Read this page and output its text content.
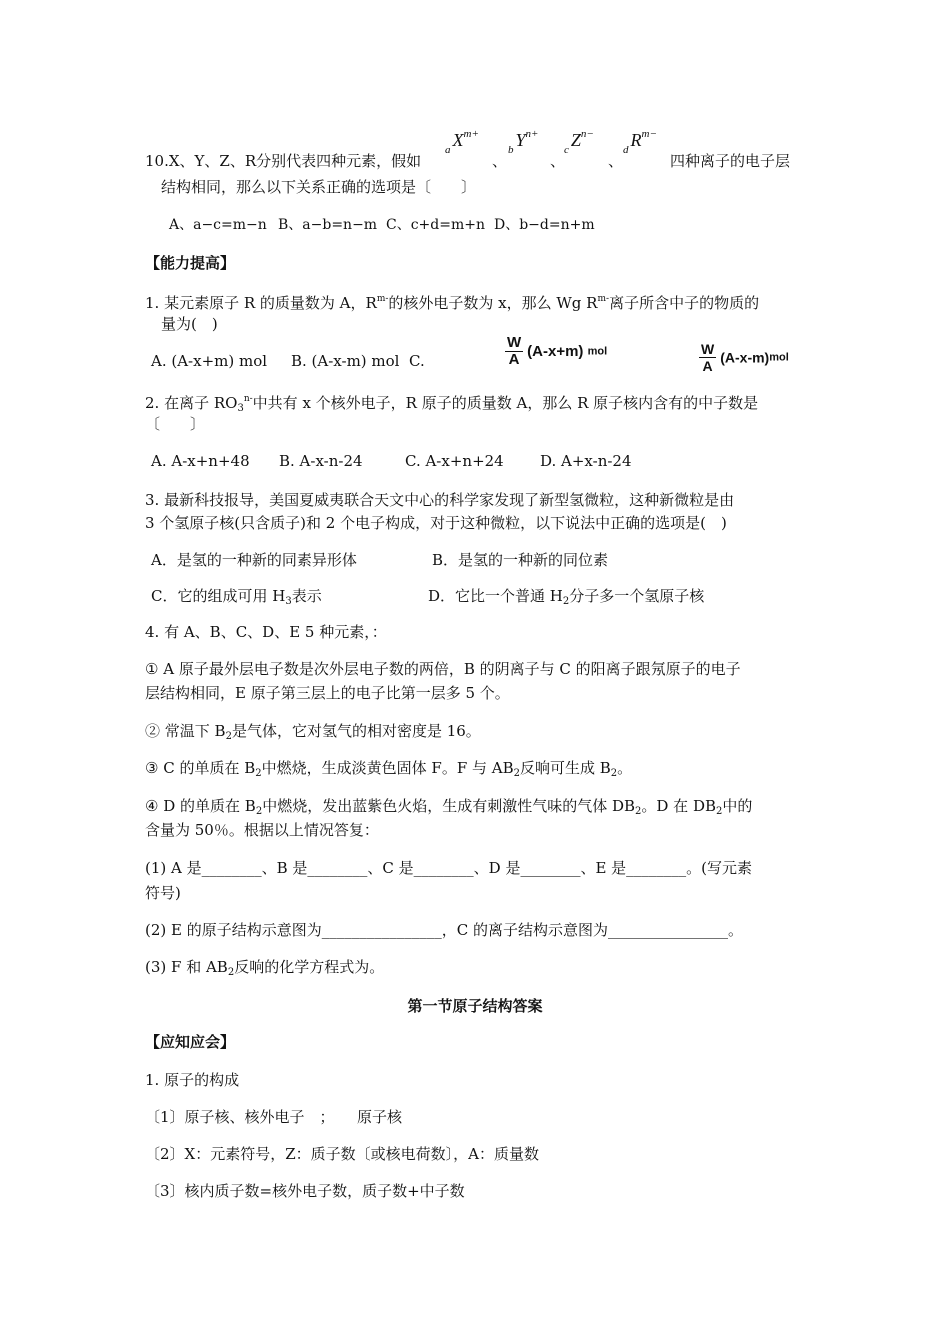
10.X、Y、Z、R分别代表四种元素，假如
$_a$ $X^{m+}$
、
$_b$ $Y^{n+}$
、
$_c$ $Z^{n-}$
、
$_d$ $R^{m-}$
四种离子的电子层
结构相同，那么以下关系正确的选项是〔　　〕
A、a−c=m−n B、a−b=n−m C、c+d=m+n D、b−d=n+m
【能力提高】
1. 某元素原子 R 的质量数为 A，$R^{m-}$的核外电子数为 x，那么 Wg $R^{m-}$离子所含中子的物质的
量为(　)
A. (A-x+m) mol B. (A-x-m) mol C.	$\frac{W}{A} (A-x+m)$ mol	$\frac{W}{A} (A-x-m)mol$
2. 在离子 $RO_3^{n-}$中共有 x 个核外电子，R 原子的质量数 A，那么 R 原子核内含有的中子数是
〔　　〕
A. A-x+n+48 B. A-x-n-24	C. A-x+n+24 D. A+x-n-24
3. 最新科技报导，美国夏威夷联合天文中心的科学家发现了新型氢微粒，这种新微粒是由
3 个氢原子核(只含质子)和 2 个电子构成，对于这种微粒，以下说法中正确的选项是(　)
A．是氢的一种新的同素异形体	B．是氢的一种新的同位素
C．它的组成可用 $H_3$表示	D．它比一个普通 $H_2$分子多一个氢原子核
4. 有 A、B、C、D、E 5 种元素，：
① A 原子最外层电子数是次外层电子数的两倍，B 的阴离子与 C 的阳离子跟氖原子的电子
层结构相同，E 原子第三层上的电子比第一层多 5 个。
② 常温下 $B_2$是气体，它对氢气的相对密度是 16。
③ C 的单质在 $B_2$中燃烧，生成淡黄色固体 F。F 与 $AB_2$反响可生成 $B_2$。
④ D 的单质在 $B_2$中燃烧，发出蓝紫色火焰，生成有刺激性气味的气体 $DB_2$。D 在 $DB_2$中的
含量为 50％。根据以上情况答复：
(1) A 是________、B 是________、C 是________、D 是________、E 是________。(写元素
符号)
(2) E 的原子结构示意图为________________，C 的离子结构示意图为________________。
(3) F 和 $AB_2$反响的化学方程式为。
第一节原子结构答案
【应知应会】
1. 原子的构成
〔1〕原子核、核外电子　；　　原子核
〔2〕X：元素符号，Z：质子数〔或核电荷数〕，A：质量数
〔3〕核内质子数=核外电子数，质子数+中子数
